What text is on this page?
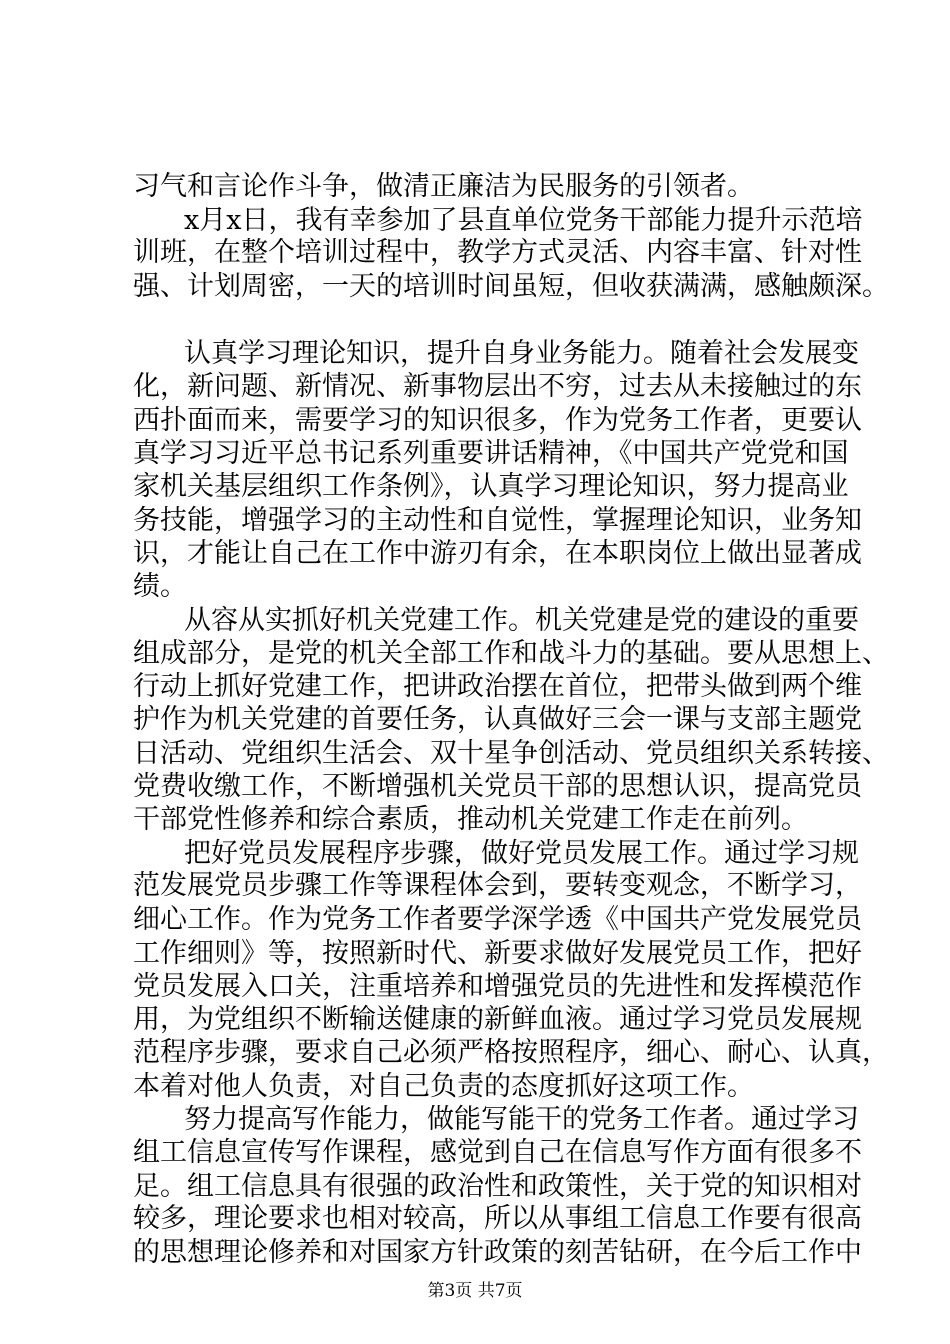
习气和言论作斗争，做清正廉洁为民服务的引领者。
x月x日，我有幸参加了县直单位党务干部能力提升示范培
训班，在整个培训过程中，教学方式灵活、内容丰富、针对性
强、计划周密，一天的培训时间虽短，但收获满满，感触颇深。
认真学习理论知识，提升自身业务能力。随着社会发展变
化，新问题、新情况、新事物层出不穷，过去从未接触过的东
西扑面而来，需要学习的知识很多，作为党务工作者，更要认
真学习习近平总书记系列重要讲话精神，《中国共产党党和国
家机关基层组织工作条例》，认真学习理论知识，努力提高业
务技能，增强学习的主动性和自觉性，掌握理论知识，业务知
识，才能让自己在工作中游刃有余，在本职岗位上做出显著成
绩。
从容从实抓好机关党建工作。机关党建是党的建设的重要
组成部分，是党的机关全部工作和战斗力的基础。要从思想上、
行动上抓好党建工作，把讲政治摆在首位，把带头做到两个维
护作为机关党建的首要任务，认真做好三会一课与支部主题党
日活动、党组织生活会、双十星争创活动、党员组织关系转接、
党费收缴工作，不断增强机关党员干部的思想认识，提高党员
干部党性修养和综合素质，推动机关党建工作走在前列。
把好党员发展程序步骤，做好党员发展工作。通过学习规
范发展党员步骤工作等课程体会到，要转变观念，不断学习，
细心工作。作为党务工作者要学深学透《中国共产党发展党员
工作细则》等，按照新时代、新要求做好发展党员工作，把好
党员发展入口关，注重培养和增强党员的先进性和发挥模范作
用，为党组织不断输送健康的新鲜血液。通过学习党员发展规
范程序步骤，要求自己必须严格按照程序，细心、耐心、认真，
本着对他人负责，对自己负责的态度抓好这项工作。
努力提高写作能力，做能写能干的党务工作者。通过学习
组工信息宣传写作课程，感觉到自己在信息写作方面有很多不
足。组工信息具有很强的政治性和政策性，关于党的知识相对
较多，理论要求也相对较高，所以从事组工信息工作要有很高
的思想理论修养和对国家方针政策的刻苦钻研，在今后工作中
第3页 共7页
